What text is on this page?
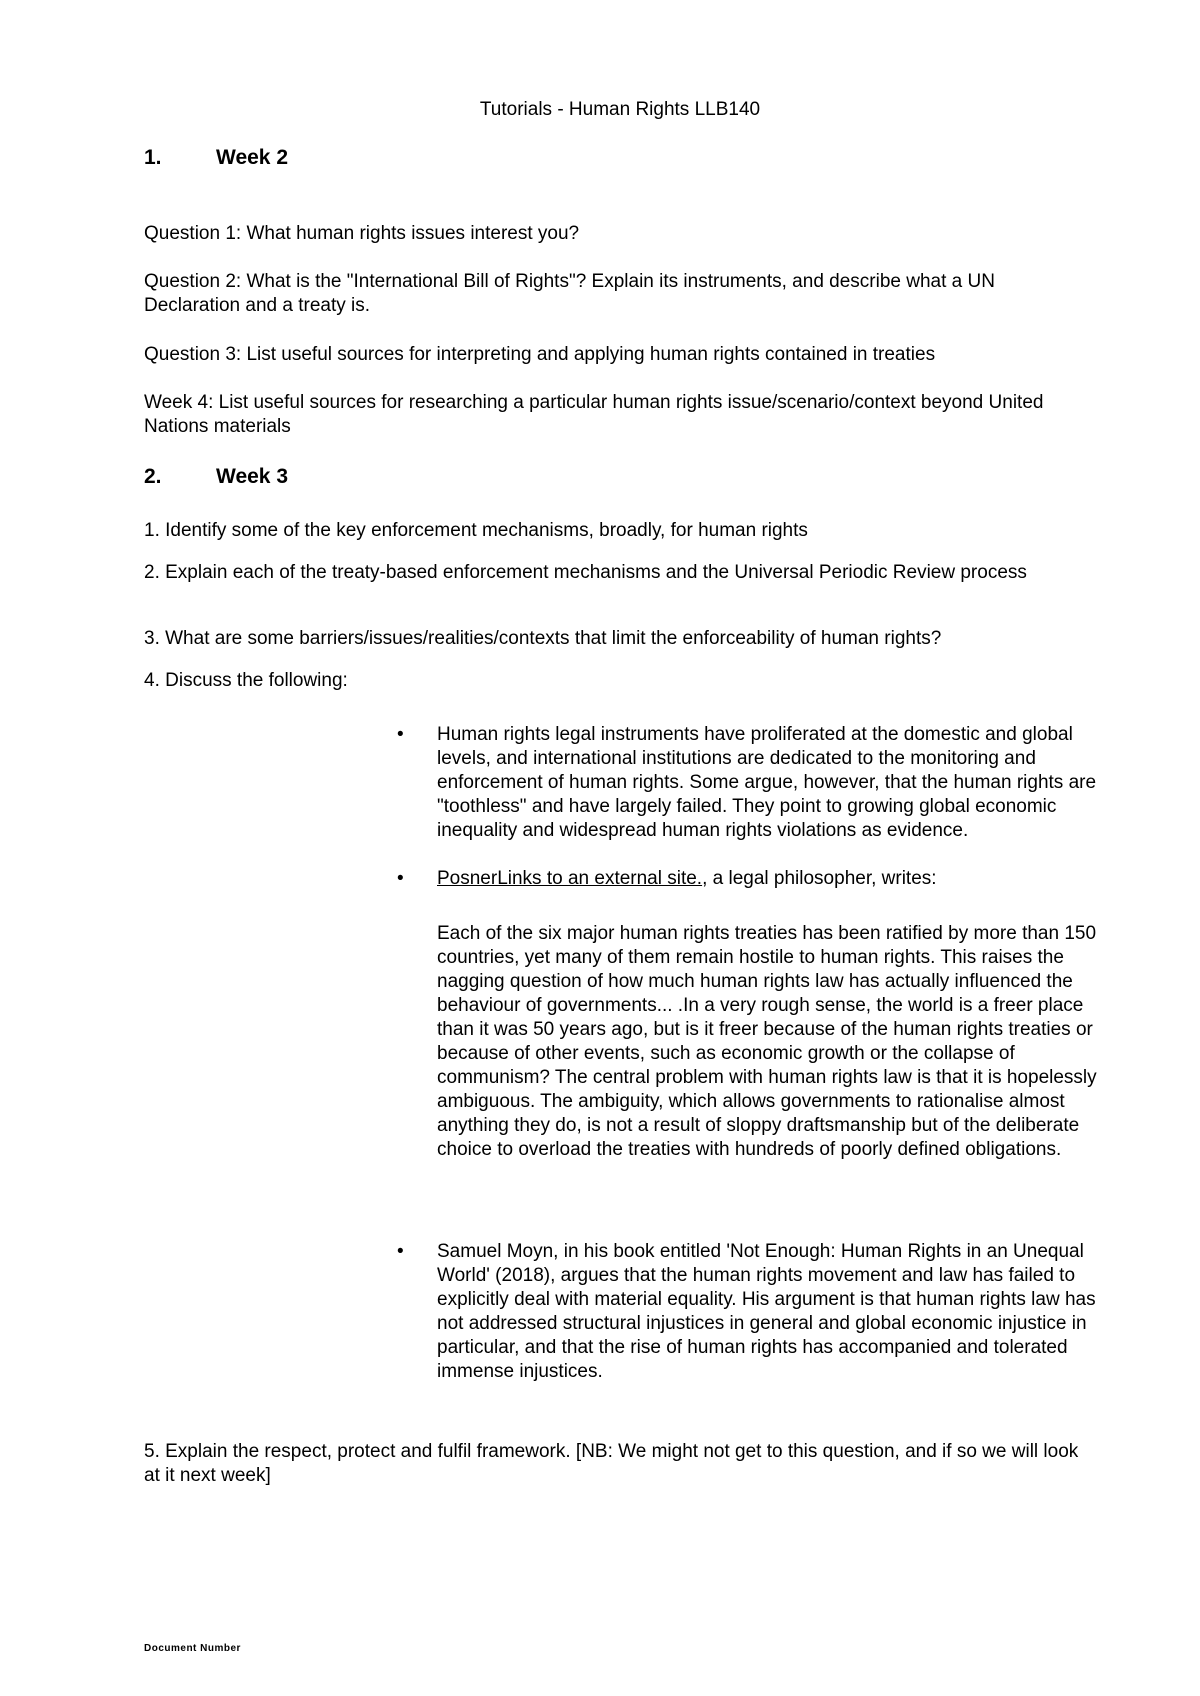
Tutorials - Human Rights LLB140
1.	Week 2
Question 1: What human rights issues interest you?
Question 2: What is the "International Bill of Rights"? Explain its instruments, and describe what a UN Declaration and a treaty is.
Question 3: List useful sources for interpreting and applying human rights contained in treaties
Week 4: List useful sources for researching a particular human rights issue/scenario/context beyond United Nations materials
2.	Week 3
1. Identify some of the key enforcement mechanisms, broadly, for human rights
2. Explain each of the treaty-based enforcement mechanisms and the Universal Periodic Review process
3. What are some barriers/issues/realities/contexts that limit the enforceability of human rights?
4. Discuss the following:
• Human rights legal instruments have proliferated at the domestic and global levels, and international institutions are dedicated to the monitoring and enforcement of human rights. Some argue, however, that the human rights are "toothless" and have largely failed. They point to growing global economic inequality and widespread human rights violations as evidence.
• PosnerLinks to an external site., a legal philosopher, writes:
Each of the six major human rights treaties has been ratified by more than 150 countries, yet many of them remain hostile to human rights. This raises the nagging question of how much human rights law has actually influenced the behaviour of governments... .In a very rough sense, the world is a freer place than it was 50 years ago, but is it freer because of the human rights treaties or because of other events, such as economic growth or the collapse of communism? The central problem with human rights law is that it is hopelessly ambiguous. The ambiguity, which allows governments to rationalise almost anything they do, is not a result of sloppy draftsmanship but of the deliberate choice to overload the treaties with hundreds of poorly defined obligations.
• Samuel Moyn, in his book entitled 'Not Enough: Human Rights in an Unequal World' (2018), argues that the human rights movement and law has failed to explicitly deal with material equality. His argument is that human rights law has not addressed structural injustices in general and global economic injustice in particular, and that the rise of human rights has accompanied and tolerated immense injustices.
5. Explain the respect, protect and fulfil framework. [NB: We might not get to this question, and if so we will look at it next week]
Document Number
